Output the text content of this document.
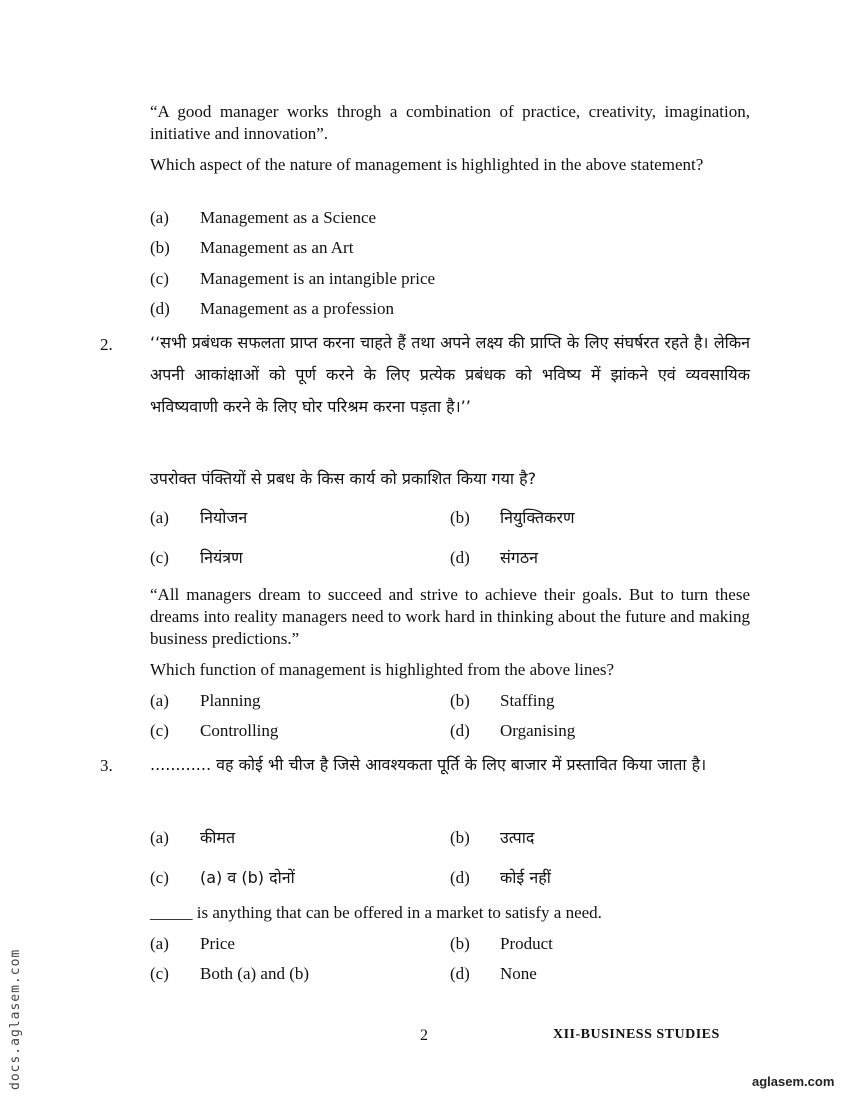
“A good manager works throgh a combination of practice, creativity, imagination, initiative and innovation”.
Which aspect of the nature of management is highlighted in the above statement?
(a) Management as a Science
(b) Management as an Art
(c) Management is an intangible price
(d) Management as a profession
2. ‘‘सभी प्रबंधक सफलता प्राप्त करना चाहते हैं तथा अपने लक्ष्य की प्राप्ति के लिए संघर्षरत रहते है। लेकिन अपनी आकांक्षाओं को पूर्ण करने के लिए प्रत्येक प्रबंधक को भविष्य में झांकने एवं व्यवसायिक भविष्यवाणी करने के लिए घोर परिश्रम करना पड़ता है।’’
उपरोक्त पंक्तियों से प्रबध के किस कार्य को प्रकाशित किया गया है?
(a) नियोजन	(b) नियुक्तिकरण
(c) नियंत्रण	(d) संगठन
“All managers dream to succeed and strive to achieve their goals. But to turn these dreams into reality managers need to work hard in thinking about the future and making business predictions.”
Which function of management is highlighted from the above lines?
(a) Planning	(b) Staffing
(c) Controlling	(d) Organising
3. ............ वह कोई भी चीज है जिसे आवश्यकता पूर्ति के लिए बाजार में प्रस्तावित किया जाता है।
(a) कीमत	(b) उत्पाद
(c) (a) व (b) दोनों	(d) कोई नहीं
_____ is anything that can be offered in a market to satisfy a need.
(a) Price	(b) Product
(c) Both (a) and (b)	(d) None
2	XII-BUSINESS STUDIES
docs.aglasem.com	aglasem.com
